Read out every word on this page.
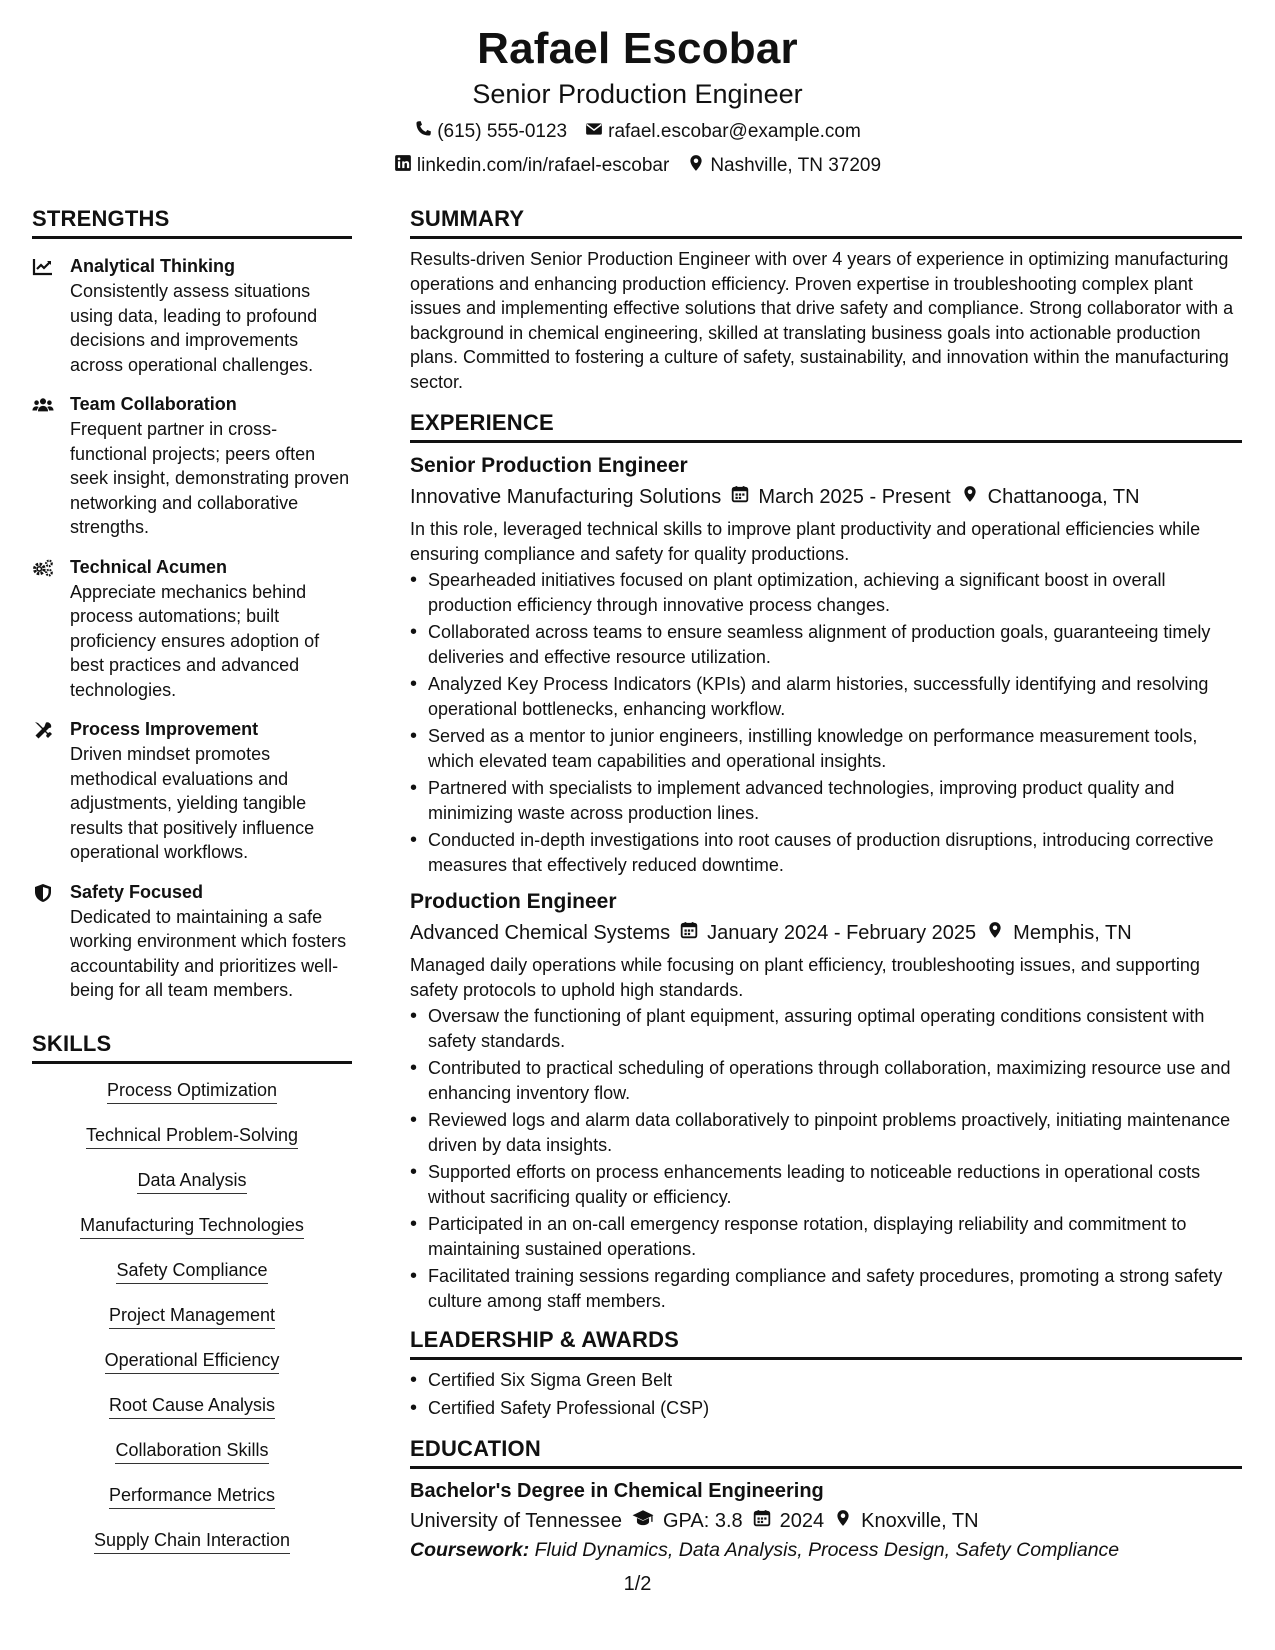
Rafael Escobar
Senior Production Engineer
(615) 555-0123 rafael.escobar@example.com
linkedin.com/in/rafael-escobar Nashville, TN 37209
STRENGTHS
Analytical Thinking
Consistently assess situations using data, leading to profound decisions and improvements across operational challenges.
Team Collaboration
Frequent partner in cross-functional projects; peers often seek insight, demonstrating proven networking and collaborative strengths.
Technical Acumen
Appreciate mechanics behind process automations; built proficiency ensures adoption of best practices and advanced technologies.
Process Improvement
Driven mindset promotes methodical evaluations and adjustments, yielding tangible results that positively influence operational workflows.
Safety Focused
Dedicated to maintaining a safe working environment which fosters accountability and prioritizes well-being for all team members.
SKILLS
Process Optimization
Technical Problem-Solving
Data Analysis
Manufacturing Technologies
Safety Compliance
Project Management
Operational Efficiency
Root Cause Analysis
Collaboration Skills
Performance Metrics
Supply Chain Interaction
SUMMARY
Results-driven Senior Production Engineer with over 4 years of experience in optimizing manufacturing operations and enhancing production efficiency. Proven expertise in troubleshooting complex plant issues and implementing effective solutions that drive safety and compliance. Strong collaborator with a background in chemical engineering, skilled at translating business goals into actionable production plans. Committed to fostering a culture of safety, sustainability, and innovation within the manufacturing sector.
EXPERIENCE
Senior Production Engineer
Innovative Manufacturing Solutions March 2025 - Present Chattanooga, TN
In this role, leveraged technical skills to improve plant productivity and operational efficiencies while ensuring compliance and safety for quality productions.
• Spearheaded initiatives focused on plant optimization, achieving a significant boost in overall production efficiency through innovative process changes.
• Collaborated across teams to ensure seamless alignment of production goals, guaranteeing timely deliveries and effective resource utilization.
• Analyzed Key Process Indicators (KPIs) and alarm histories, successfully identifying and resolving operational bottlenecks, enhancing workflow.
• Served as a mentor to junior engineers, instilling knowledge on performance measurement tools, which elevated team capabilities and operational insights.
• Partnered with specialists to implement advanced technologies, improving product quality and minimizing waste across production lines.
• Conducted in-depth investigations into root causes of production disruptions, introducing corrective measures that effectively reduced downtime.
Production Engineer
Advanced Chemical Systems January 2024 - February 2025 Memphis, TN
Managed daily operations while focusing on plant efficiency, troubleshooting issues, and supporting safety protocols to uphold high standards.
• Oversaw the functioning of plant equipment, assuring optimal operating conditions consistent with safety standards.
• Contributed to practical scheduling of operations through collaboration, maximizing resource use and enhancing inventory flow.
• Reviewed logs and alarm data collaboratively to pinpoint problems proactively, initiating maintenance driven by data insights.
• Supported efforts on process enhancements leading to noticeable reductions in operational costs without sacrificing quality or efficiency.
• Participated in an on-call emergency response rotation, displaying reliability and commitment to maintaining sustained operations.
• Facilitated training sessions regarding compliance and safety procedures, promoting a strong safety culture among staff members.
LEADERSHIP & AWARDS
• Certified Six Sigma Green Belt
• Certified Safety Professional (CSP)
EDUCATION
Bachelor's Degree in Chemical Engineering
University of Tennessee GPA: 3.8 2024 Knoxville, TN
Coursework: Fluid Dynamics, Data Analysis, Process Design, Safety Compliance
1/2
